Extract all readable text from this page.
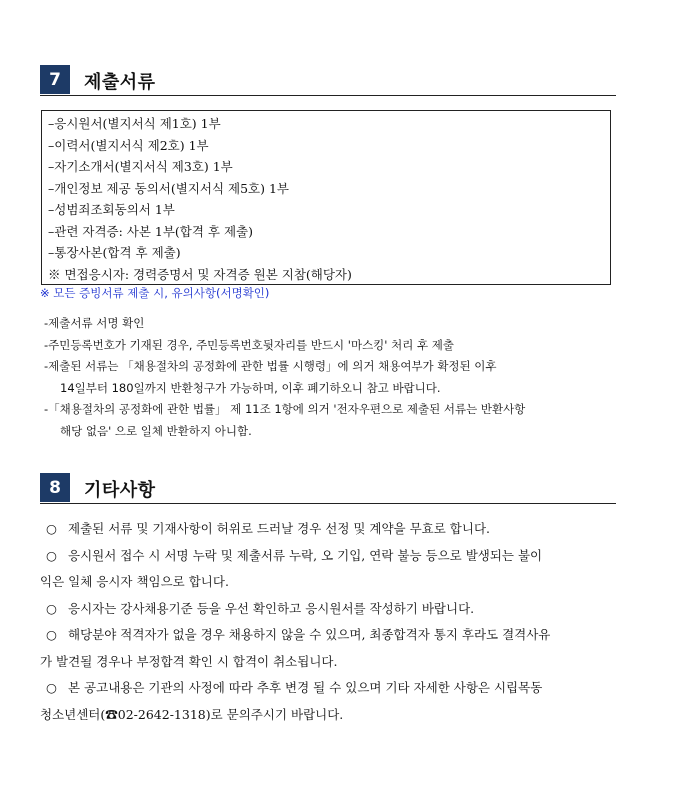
7	제출서류
–응시원서(별지서식 제1호) 1부
–이력서(별지서식 제2호) 1부
–자기소개서(별지서식 제3호) 1부
–개인정보 제공 동의서(별지서식 제5호) 1부
–성범죄조회동의서 1부
–관련 자격증: 사본 1부(합격 후 제출)
–통장사본(합격 후 제출)
※ 면접응시자: 경력증명서 및 자격증 원본 지참(해당자)
※ 모든 증빙서류 제출 시, 유의사항(서명확인)
-제출서류 서명 확인
-주민등록번호가 기재된 경우, 주민등록번호뒷자리를 반드시 '마스킹' 처리 후 제출
-제출된 서류는 「채용절차의 공정화에 관한 법률 시행령」에 의거 채용여부가 확정된 이후
14일부터 180일까지 반환청구가 가능하며, 이후 폐기하오니 참고 바랍니다.
-「채용절차의 공정화에 관한 법률」 제 11조 1항에 의거 '전자우편으로 제출된 서류는 반환사항
해당 없음' 으로 일체 반환하지 아니함.
8	기타사항
○ 제출된 서류 및 기재사항이 허위로 드러날 경우 선정 및 계약을 무효로 합니다.
○ 응시원서 접수 시 서명 누락 및 제출서류 누락, 오 기입, 연락 불능 등으로 발생되는 불이
익은 일체 응시자 책임으로 합니다.
○ 응시자는 강사채용기준 등을 우선 확인하고 응시원서를 작성하기 바랍니다.
○ 해당분야 적격자가 없을 경우 채용하지 않을 수 있으며, 최종합격자 통지 후라도 결격사유
가 발견될 경우나 부정합격 확인 시 합격이 취소됩니다.
○ 본 공고내용은 기관의 사정에 따라 추후 변경 될 수 있으며 기타 자세한 사항은 시립목동
청소년센터(☎02-2642-1318)로 문의주시기 바랍니다.
